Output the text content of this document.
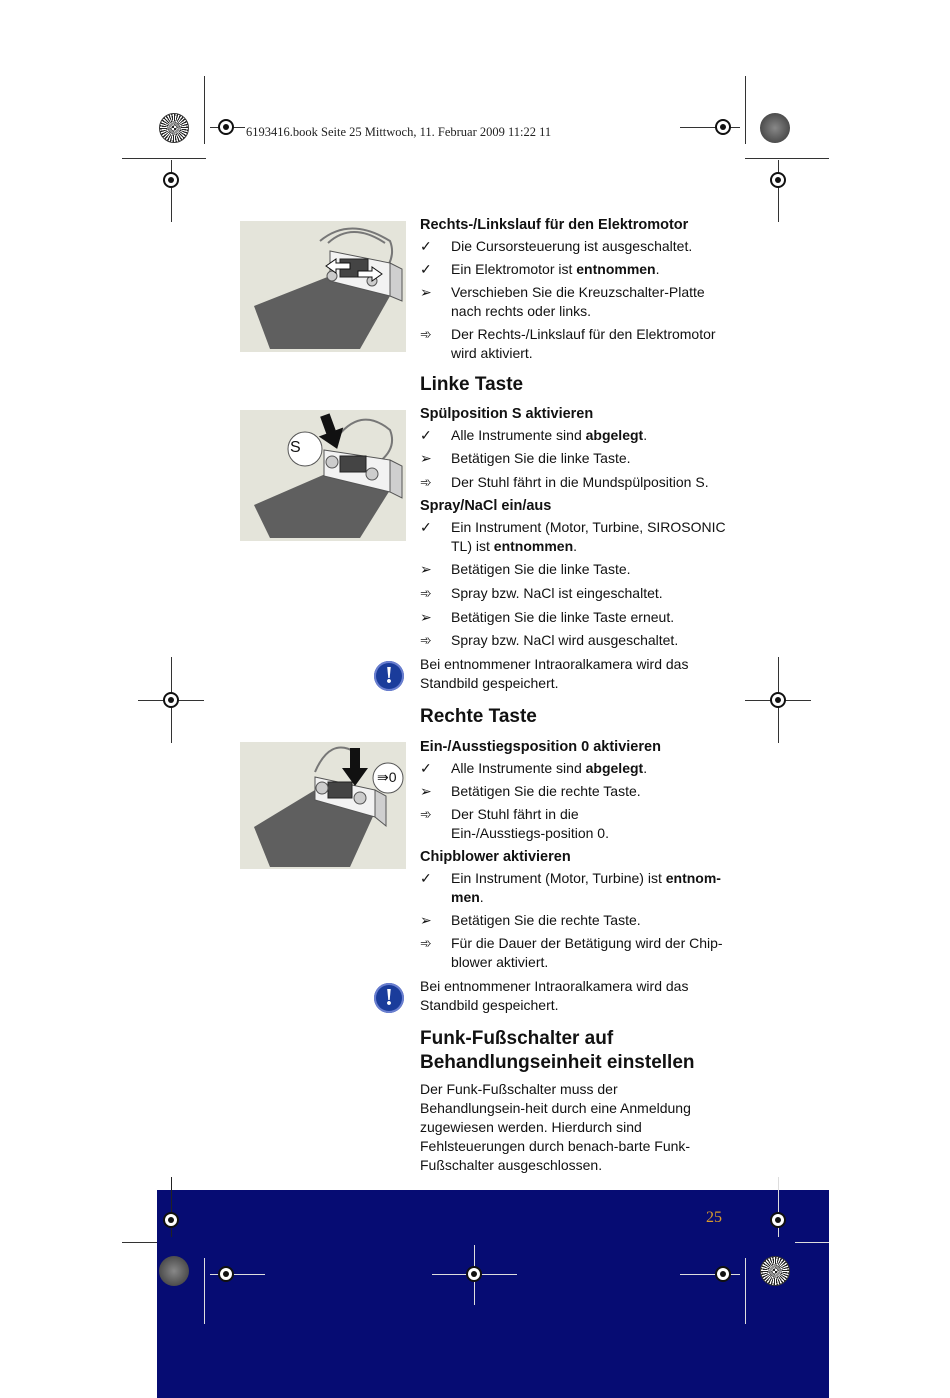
6193416.book Seite 25 Mittwoch, 11. Februar 2009 11:22 11
Rechts-/Linkslauf für den Elektromotor
✓	Die Cursorsteuerung ist ausgeschaltet.
✓	Ein Elektromotor ist entnommen.
➢	Verschieben Sie die Kreuzschalter-Platte nach rechts oder links.
➾	Der Rechts-/Linkslauf für den Elektromotor wird aktiviert.
Linke Taste
S
Spülposition S aktivieren
✓	Alle Instrumente sind abgelegt.
➢	Betätigen Sie die linke Taste.
➾	Der Stuhl fährt in die Mundspülposition S.
Spray/NaCl ein/aus
✓	Ein Instrument (Motor, Turbine, SIROSONIC TL) ist entnommen.
➢	Betätigen Sie die linke Taste.
➾	Spray bzw. NaCl ist eingeschaltet.
➢	Betätigen Sie die linke Taste erneut.
➾	Spray bzw. NaCl wird ausgeschaltet.
!	Bei entnommener Intraoralkamera wird das Standbild gespeichert.
Rechte Taste
⇛0
Ein-/Ausstiegsposition 0 aktivieren
✓	Alle Instrumente sind abgelegt.
➢	Betätigen Sie die rechte Taste.
➾	Der Stuhl fährt in die Ein-/Ausstiegs-position 0.
Chipblower aktivieren
✓	Ein Instrument (Motor, Turbine) ist entnom-men.
➢	Betätigen Sie die rechte Taste.
➾	Für die Dauer der Betätigung wird der Chip-blower aktiviert.
!	Bei entnommener Intraoralkamera wird das Standbild gespeichert.
Funk-Fußschalter auf
Behandlungseinheit einstellen
Der Funk-Fußschalter muss der Behandlungsein-heit durch eine Anmeldung zugewiesen werden. Hierdurch sind Fehlsteuerungen durch benach-barte Funk-Fußschalter ausgeschlossen.
25
